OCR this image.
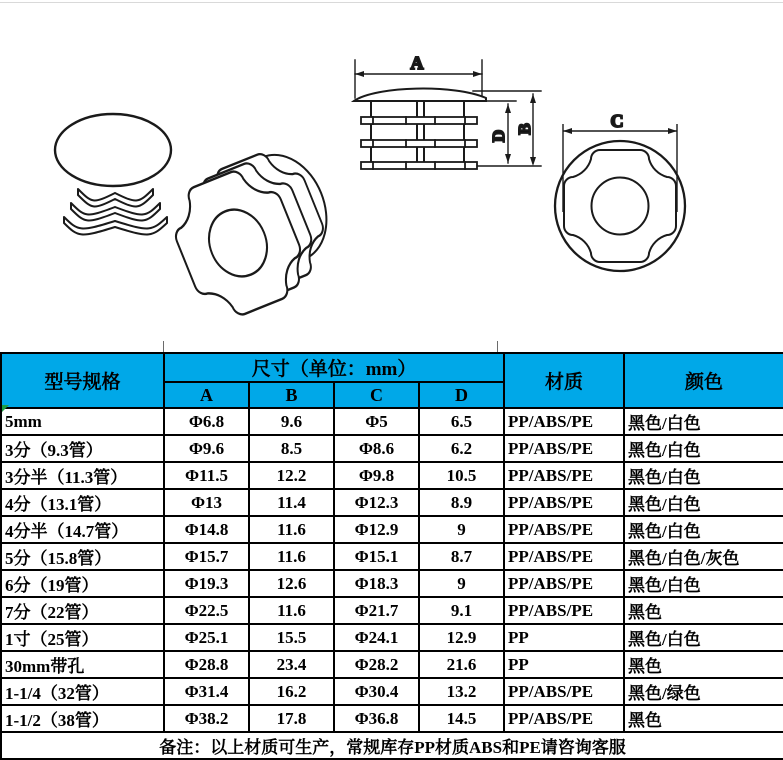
A
D
B	C
型号规格	尺寸（单位：mm）				材质	颜色
	A	B	C	D		
5mm	Φ6.8	9.6	Φ5	6.5	PP/ABS/PE	黑色/白色
3分（9.3管）	Φ9.6	8.5	Φ8.6	6.2	PP/ABS/PE	黑色/白色
3分半（11.3管）	Φ11.5	12.2	Φ9.8	10.5	PP/ABS/PE	黑色/白色
4分（13.1管）	Φ13	11.4	Φ12.3	8.9	PP/ABS/PE	黑色/白色
4分半（14.7管）	Φ14.8	11.6	Φ12.9	9	PP/ABS/PE	黑色/白色
5分（15.8管）	Φ15.7	11.6	Φ15.1	8.7	PP/ABS/PE	黑色/白色/灰色
6分（19管）	Φ19.3	12.6	Φ18.3	9	PP/ABS/PE	黑色/白色
7分（22管）	Φ22.5	11.6	Φ21.7	9.1	PP/ABS/PE	黑色
1寸（25管）	Φ25.1	15.5	Φ24.1	12.9	PP	黑色/白色
30mm带孔	Φ28.8	23.4	Φ28.2	21.6	PP	黑色
1-1/4（32管）	Φ31.4	16.2	Φ30.4	13.2	PP/ABS/PE	黑色/绿色
1-1/2（38管）	Φ38.2	17.8	Φ36.8	14.5	PP/ABS/PE	黑色
备注：以上材质可生产，常规库存PP材质ABS和PE请咨询客服						
